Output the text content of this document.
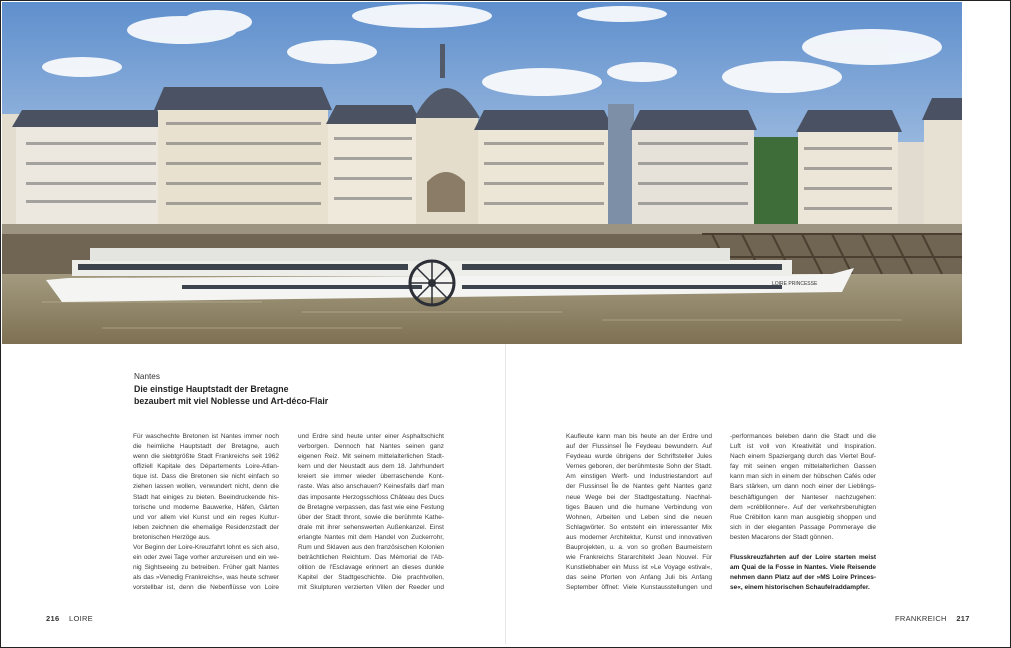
LOIRE PRINCESSE
Nantes
Die einstige Hauptstadt der Bretagne
bezaubert mit viel Noblesse und Art-déco-Flair
Für waschechte Bretonen ist Nantes immer noch
die heimliche Hauptstadt der Bretagne, auch
wenn die siebtgrößte Stadt Frankreichs seit 1962
offiziell Kapitale des Départements Loire-Atlan-
tique ist. Dass die Bretonen sie nicht einfach so
ziehen lassen wollen, verwundert nicht, denn die
Stadt hat einiges zu bieten. Beeindruckende his-
torische und moderne Bauwerke, Häfen, Gärten
und vor allem viel Kunst und ein reges Kultur-
leben zeichnen die ehemalige Residenzstadt der
bretonischen Herzöge aus.
Vor Beginn der Loire-Kreuzfahrt lohnt es sich also,
ein oder zwei Tage vorher anzureisen und ein we-
nig Sightseeing zu betreiben. Früher galt Nantes
als das »Venedig Frankreichs«, was heute schwer
vorstellbar ist, denn die Nebenflüsse von Loire
und Erdre sind heute unter einer Asphaltschicht
verborgen. Dennoch hat Nantes seinen ganz
eigenen Reiz. Mit seinem mittelalterlichen Stadt-
kern und der Neustadt aus dem 18. Jahrhundert
kreiert sie immer wieder überraschende Kont-
raste. Was also anschauen? Keinesfalls darf man
das imposante Herzogsschloss Château des Ducs
de Bretagne verpassen, das fast wie eine Festung
über der Stadt thront, sowie die berühmte Kathe-
drale mit ihrer sehenswerten Außenkanzel. Einst
erlangte Nantes mit dem Handel von Zuckerrohr,
Rum und Sklaven aus den französischen Kolonien
beträchtlichen Reichtum. Das Mémorial de l'Ab-
olition de l'Esclavage erinnert an dieses dunkle
Kapitel der Stadtgeschichte. Die prachtvollen,
mit Skulpturen verzierten Villen der Reeder und
Kaufleute kann man bis heute an der Erdre und
auf der Flussinsel Île Feydeau bewundern. Auf
Feydeau wurde übrigens der Schriftsteller Jules
Vernes geboren, der berühmteste Sohn der Stadt.
Am einstigen Werft- und Industriestandort auf
der Flussinsel Île de Nantes geht Nantes ganz
neue Wege bei der Stadtgestaltung. Nachhal-
tiges Bauen und die humane Verbindung von
Wohnen, Arbeiten und Leben sind die neuen
Schlagwörter. So entsteht ein interessanter Mix
aus moderner Architektur, Kunst und innovativen
Bauprojekten, u. a. von so großen Baumeistern
wie Frankreichs Stararchitekt Jean Nouvel. Für
Kunstliebhaber ein Muss ist »Le Voyage estival«,
das seine Pforten von Anfang Juli bis Anfang
September öffnet: Viele Kunstausstellungen und
-performances beleben dann die Stadt und die
Luft ist voll von Kreativität und Inspiration.
Nach einem Spaziergang durch das Viertel Bouf-
fay mit seinen engen mittelalterlichen Gassen
kann man sich in einem der hübschen Cafés oder
Bars stärken, um dann noch einer der Lieblings-
beschäftigungen der Nanteser nachzugehen:
dem »créblilonner«. Auf der verkehrsberuhigten
Rue Crébillon kann man ausgiebig shoppen und
sich in der eleganten Passage Pommeraye die
besten Macarons der Stadt gönnen.
Flusskreuzfahrten auf der Loire starten meist
am Quai de la Fosse in Nantes. Viele Reisende
nehmen dann Platz auf der »MS Loire Princes-
se«, einem historischen Schaufelraddampfer.
216 LOIRE	FRANKREICH 217
